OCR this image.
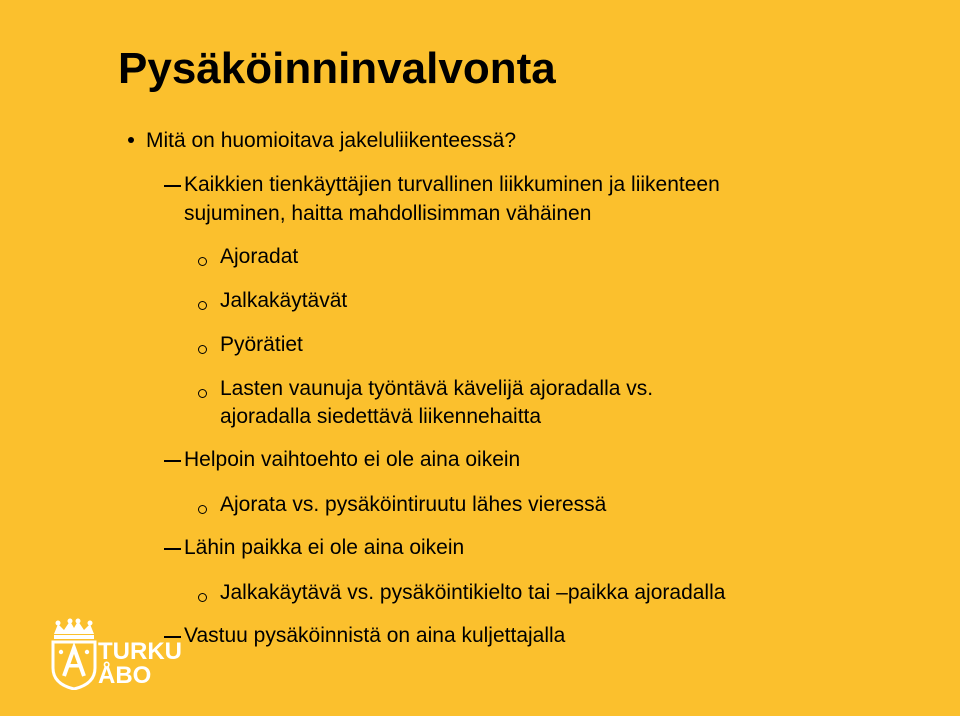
Pysäköinninvalvonta
Mitä on huomioitava jakeluliikenteessä?
Kaikkien tienkäyttäjien turvallinen liikkuminen ja liikenteen
sujuminen, haitta mahdollisimman vähäinen
Ajoradat
Jalkakäytävät
Pyörätiet
Lasten vaunuja työntävä kävelijä ajoradalla vs.
ajoradalla siedettävä liikennehaitta
Helpoin vaihtoehto ei ole aina oikein
Ajorata vs. pysäköintiruutu lähes vieressä
Lähin paikka ei ole aina oikein
Jalkakäytävä vs. pysäköintikielto tai –paikka ajoradalla
Vastuu pysäköinnistä on aina kuljettajalla
TURKU
ÅBO
